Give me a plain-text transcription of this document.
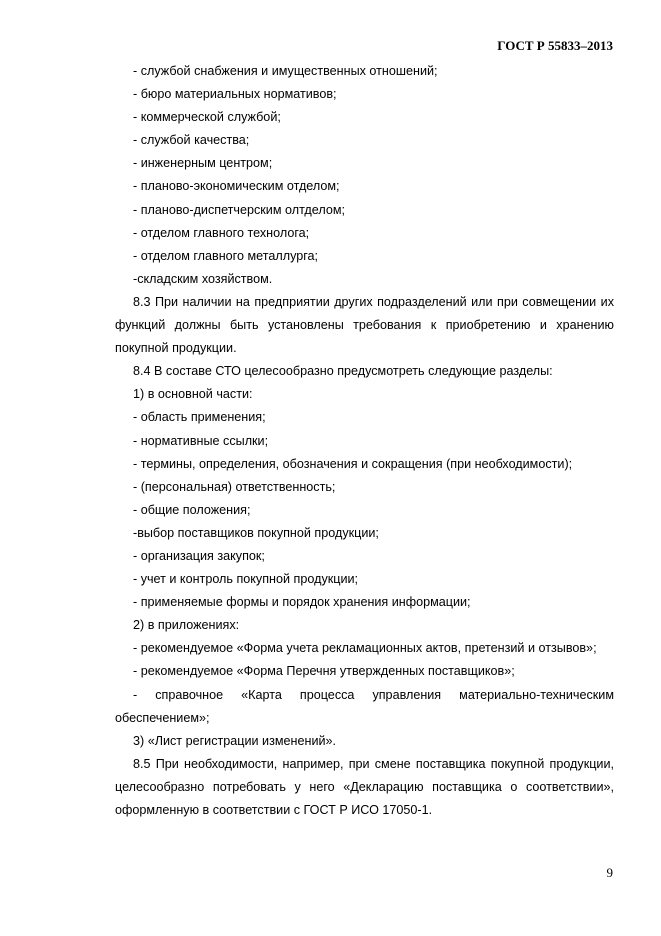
ГОСТ Р 55833–2013
- службой снабжения и имущественных отношений;
- бюро материальных нормативов;
- коммерческой службой;
- службой качества;
- инженерным центром;
- планово-экономическим отделом;
- планово-диспетчерским олтделом;
- отделом главного технолога;
- отделом главного металлурга;
-складским хозяйством.
8.3 При наличии на предприятии других подразделений или при совмещении их функций должны быть установлены требования к приобретению и хранению покупной продукции.
8.4 В составе СТО целесообразно предусмотреть следующие разделы:
1) в основной части:
- область применения;
- нормативные ссылки;
- термины, определения, обозначения и сокращения (при необходимости);
- (персональная) ответственность;
- общие положения;
-выбор поставщиков покупной продукции;
- организация закупок;
- учет и контроль покупной продукции;
- применяемые формы и порядок хранения информации;
2) в приложениях:
- рекомендуемое «Форма учета рекламационных актов, претензий и отзывов»;
- рекомендуемое «Форма Перечня утвержденных поставщиков»;
- справочное «Карта процесса управления материально-техническим обеспечением»;
3) «Лист регистрации изменений».
8.5 При необходимости, например, при смене поставщика покупной продукции, целесообразно потребовать у него «Декларацию поставщика о соответствии», оформленную в соответствии с ГОСТ Р ИСО 17050-1.
9
